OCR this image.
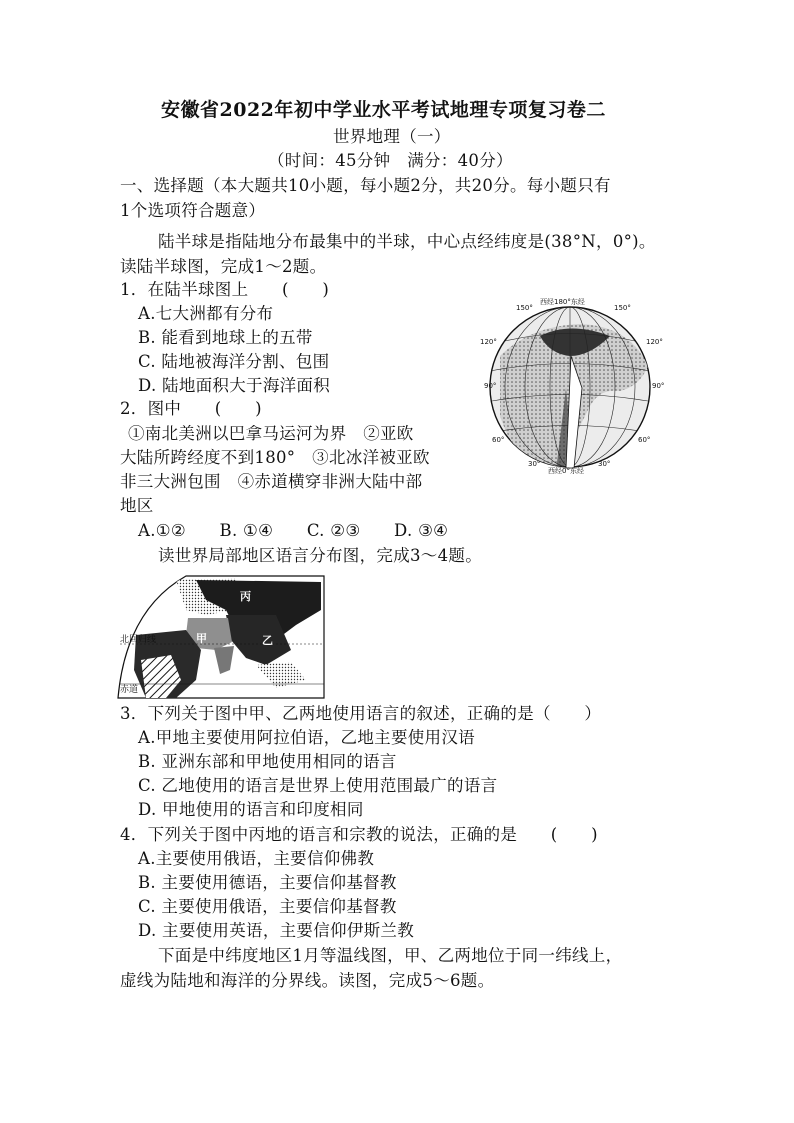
安徽省2022年初中学业水平考试地理专项复习卷二
世界地理（一）
（时间：45分钟　满分：40分）
一、选择题（本大题共10小题，每小题2分，共20分。每小题只有
1个选项符合题意）
陆半球是指陆地分布最集中的半球，中心点经纬度是(38°N，0°)。
读陆半球图，完成1～2题。
1．在陆半球图上　　(　　)
A.七大洲都有分布
B. 能看到地球上的五带
C. 陆地被海洋分割、包围
D. 陆地面积大于海洋面积
2．图中　　(　　)
①南北美洲以巴拿马运河为界　②亚欧
大陆所跨经度不到180°　③北冰洋被亚欧
非三大洲包围　④赤道横穿非洲大陆中部
地区
A.①②　　B. ①④　　C. ②③　　D. ③④
西经180°东经
西经0°东经
150°	150°
120°	120°
90°	90°
60°	60°
30°	30°
读世界局部地区语言分布图，完成3～4题。
丙
乙
甲
北回归线
赤道
3．下列关于图中甲、乙两地使用语言的叙述，正确的是（　　）
A.甲地主要使用阿拉伯语，乙地主要使用汉语
B. 亚洲东部和甲地使用相同的语言
C. 乙地使用的语言是世界上使用范围最广的语言
D. 甲地使用的语言和印度相同
4．下列关于图中丙地的语言和宗教的说法，正确的是　　(　　)
A.主要使用俄语，主要信仰佛教
B. 主要使用德语，主要信仰基督教
C. 主要使用俄语，主要信仰基督教
D. 主要使用英语，主要信仰伊斯兰教
下面是中纬度地区1月等温线图，甲、乙两地位于同一纬线上，
虚线为陆地和海洋的分界线。读图，完成5～6题。
